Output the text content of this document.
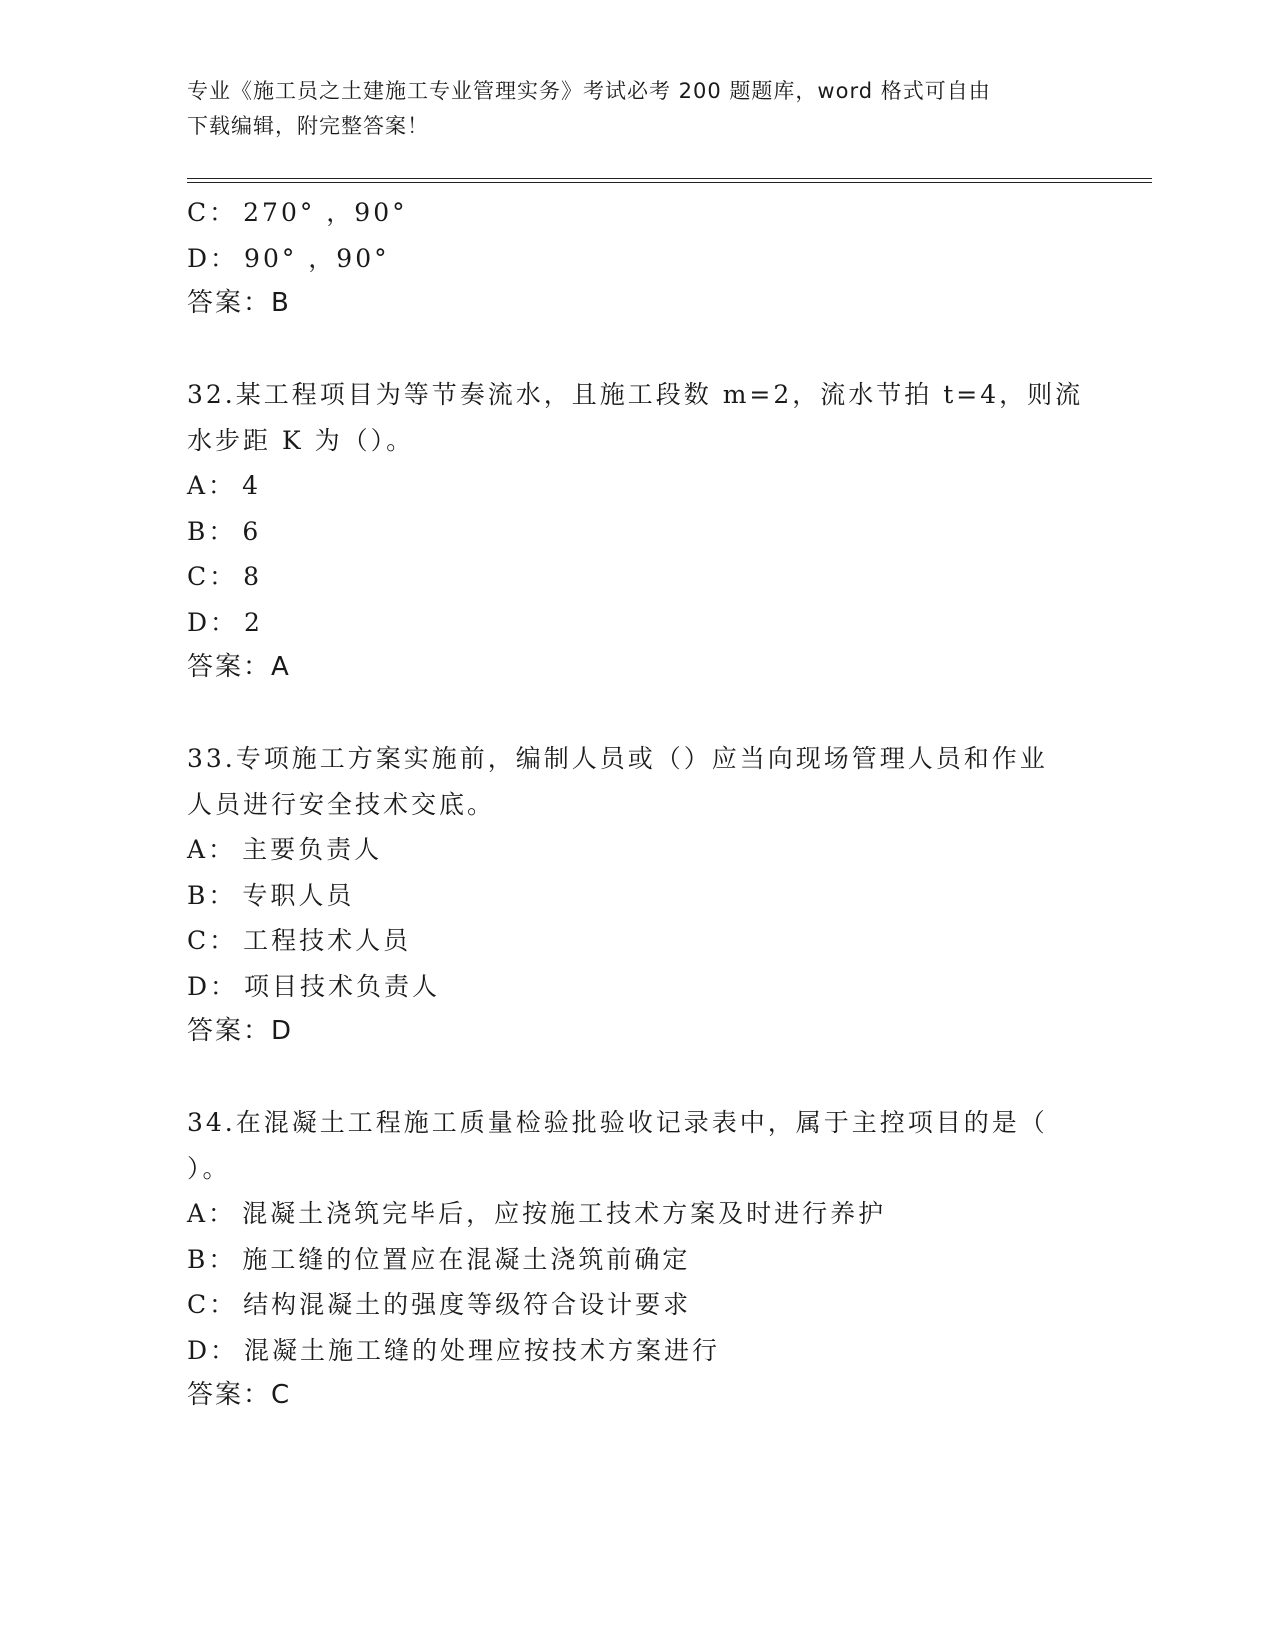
专业《施工员之土建施工专业管理实务》考试必考 200 题题库，word 格式可自由
下载编辑，附完整答案！
C： 270° ，90°
D： 90° ，90°
答案：B
32.某工程项目为等节奏流水，且施工段数 m=2，流水节拍 t=4，则流
水步距 K 为（）。
A： 4
B： 6
C： 8
D： 2
答案：A
33.专项施工方案实施前，编制人员或（）应当向现场管理人员和作业
人员进行安全技术交底。
A： 主要负责人
B： 专职人员
C： 工程技术人员
D： 项目技术负责人
答案：D
34.在混凝土工程施工质量检验批验收记录表中，属于主控项目的是（
）。
A： 混凝土浇筑完毕后，应按施工技术方案及时进行养护
B： 施工缝的位置应在混凝土浇筑前确定
C： 结构混凝土的强度等级符合设计要求
D： 混凝土施工缝的处理应按技术方案进行
答案：C
